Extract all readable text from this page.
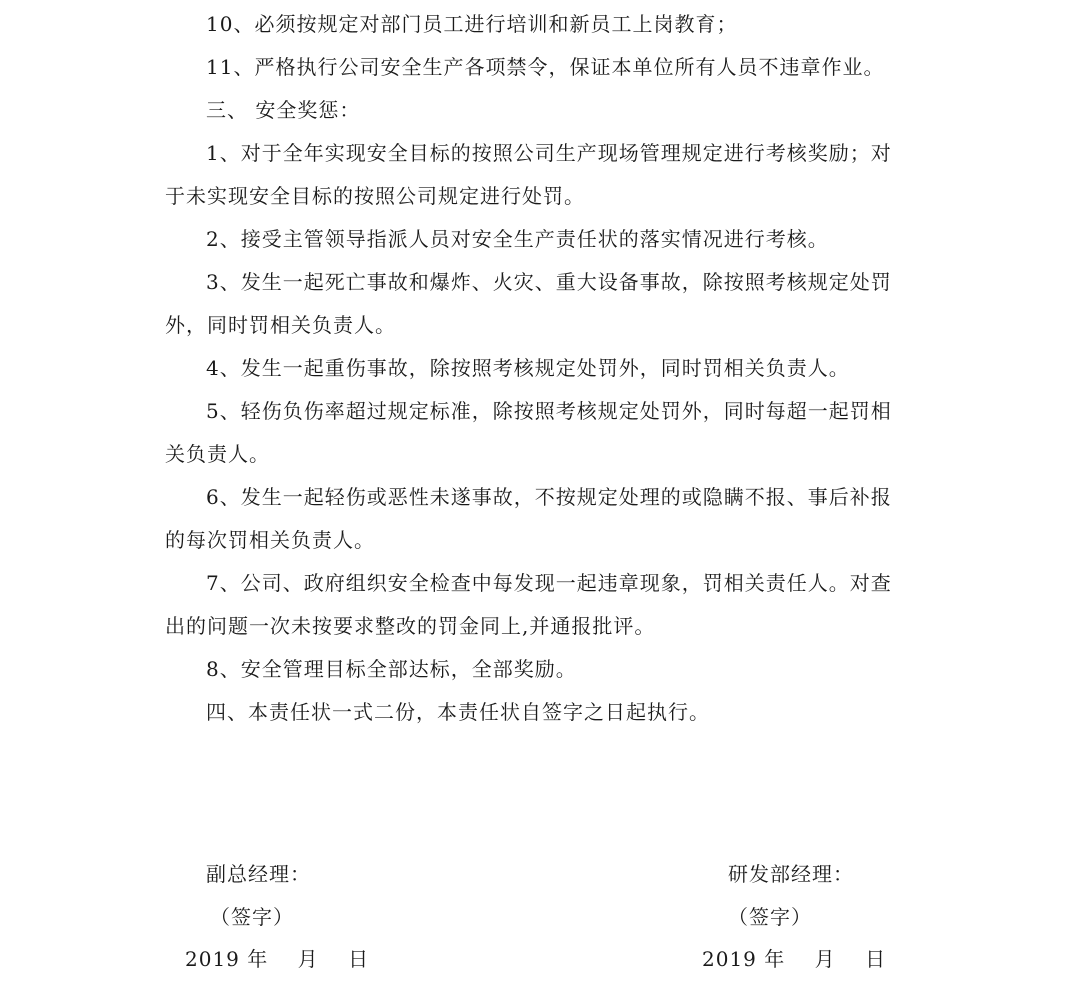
10、必须按规定对部门员工进行培训和新员工上岗教育；
11、严格执行公司安全生产各项禁令，保证本单位所有人员不违章作业。
三、 安全奖惩：
1、对于全年实现安全目标的按照公司生产现场管理规定进行考核奖励；对
于未实现安全目标的按照公司规定进行处罚。
2、接受主管领导指派人员对安全生产责任状的落实情况进行考核。
3、发生一起死亡事故和爆炸、火灾、重大设备事故，除按照考核规定处罚
外，同时罚相关负责人。
4、发生一起重伤事故，除按照考核规定处罚外，同时罚相关负责人。
5、轻伤负伤率超过规定标准，除按照考核规定处罚外，同时每超一起罚相
关负责人。
6、发生一起轻伤或恶性未遂事故，不按规定处理的或隐瞒不报、事后补报
的每次罚相关负责人。
7、公司、政府组织安全检查中每发现一起违章现象，罚相关责任人。对查
出的问题一次未按要求整改的罚金同上,并通报批评。
8、安全管理目标全部达标，全部奖励。
四、本责任状一式二份，本责任状自签字之日起执行。
副总经理：
（签字）
2019 年    月    日
研发部经理：
（签字）
2019 年    月    日
